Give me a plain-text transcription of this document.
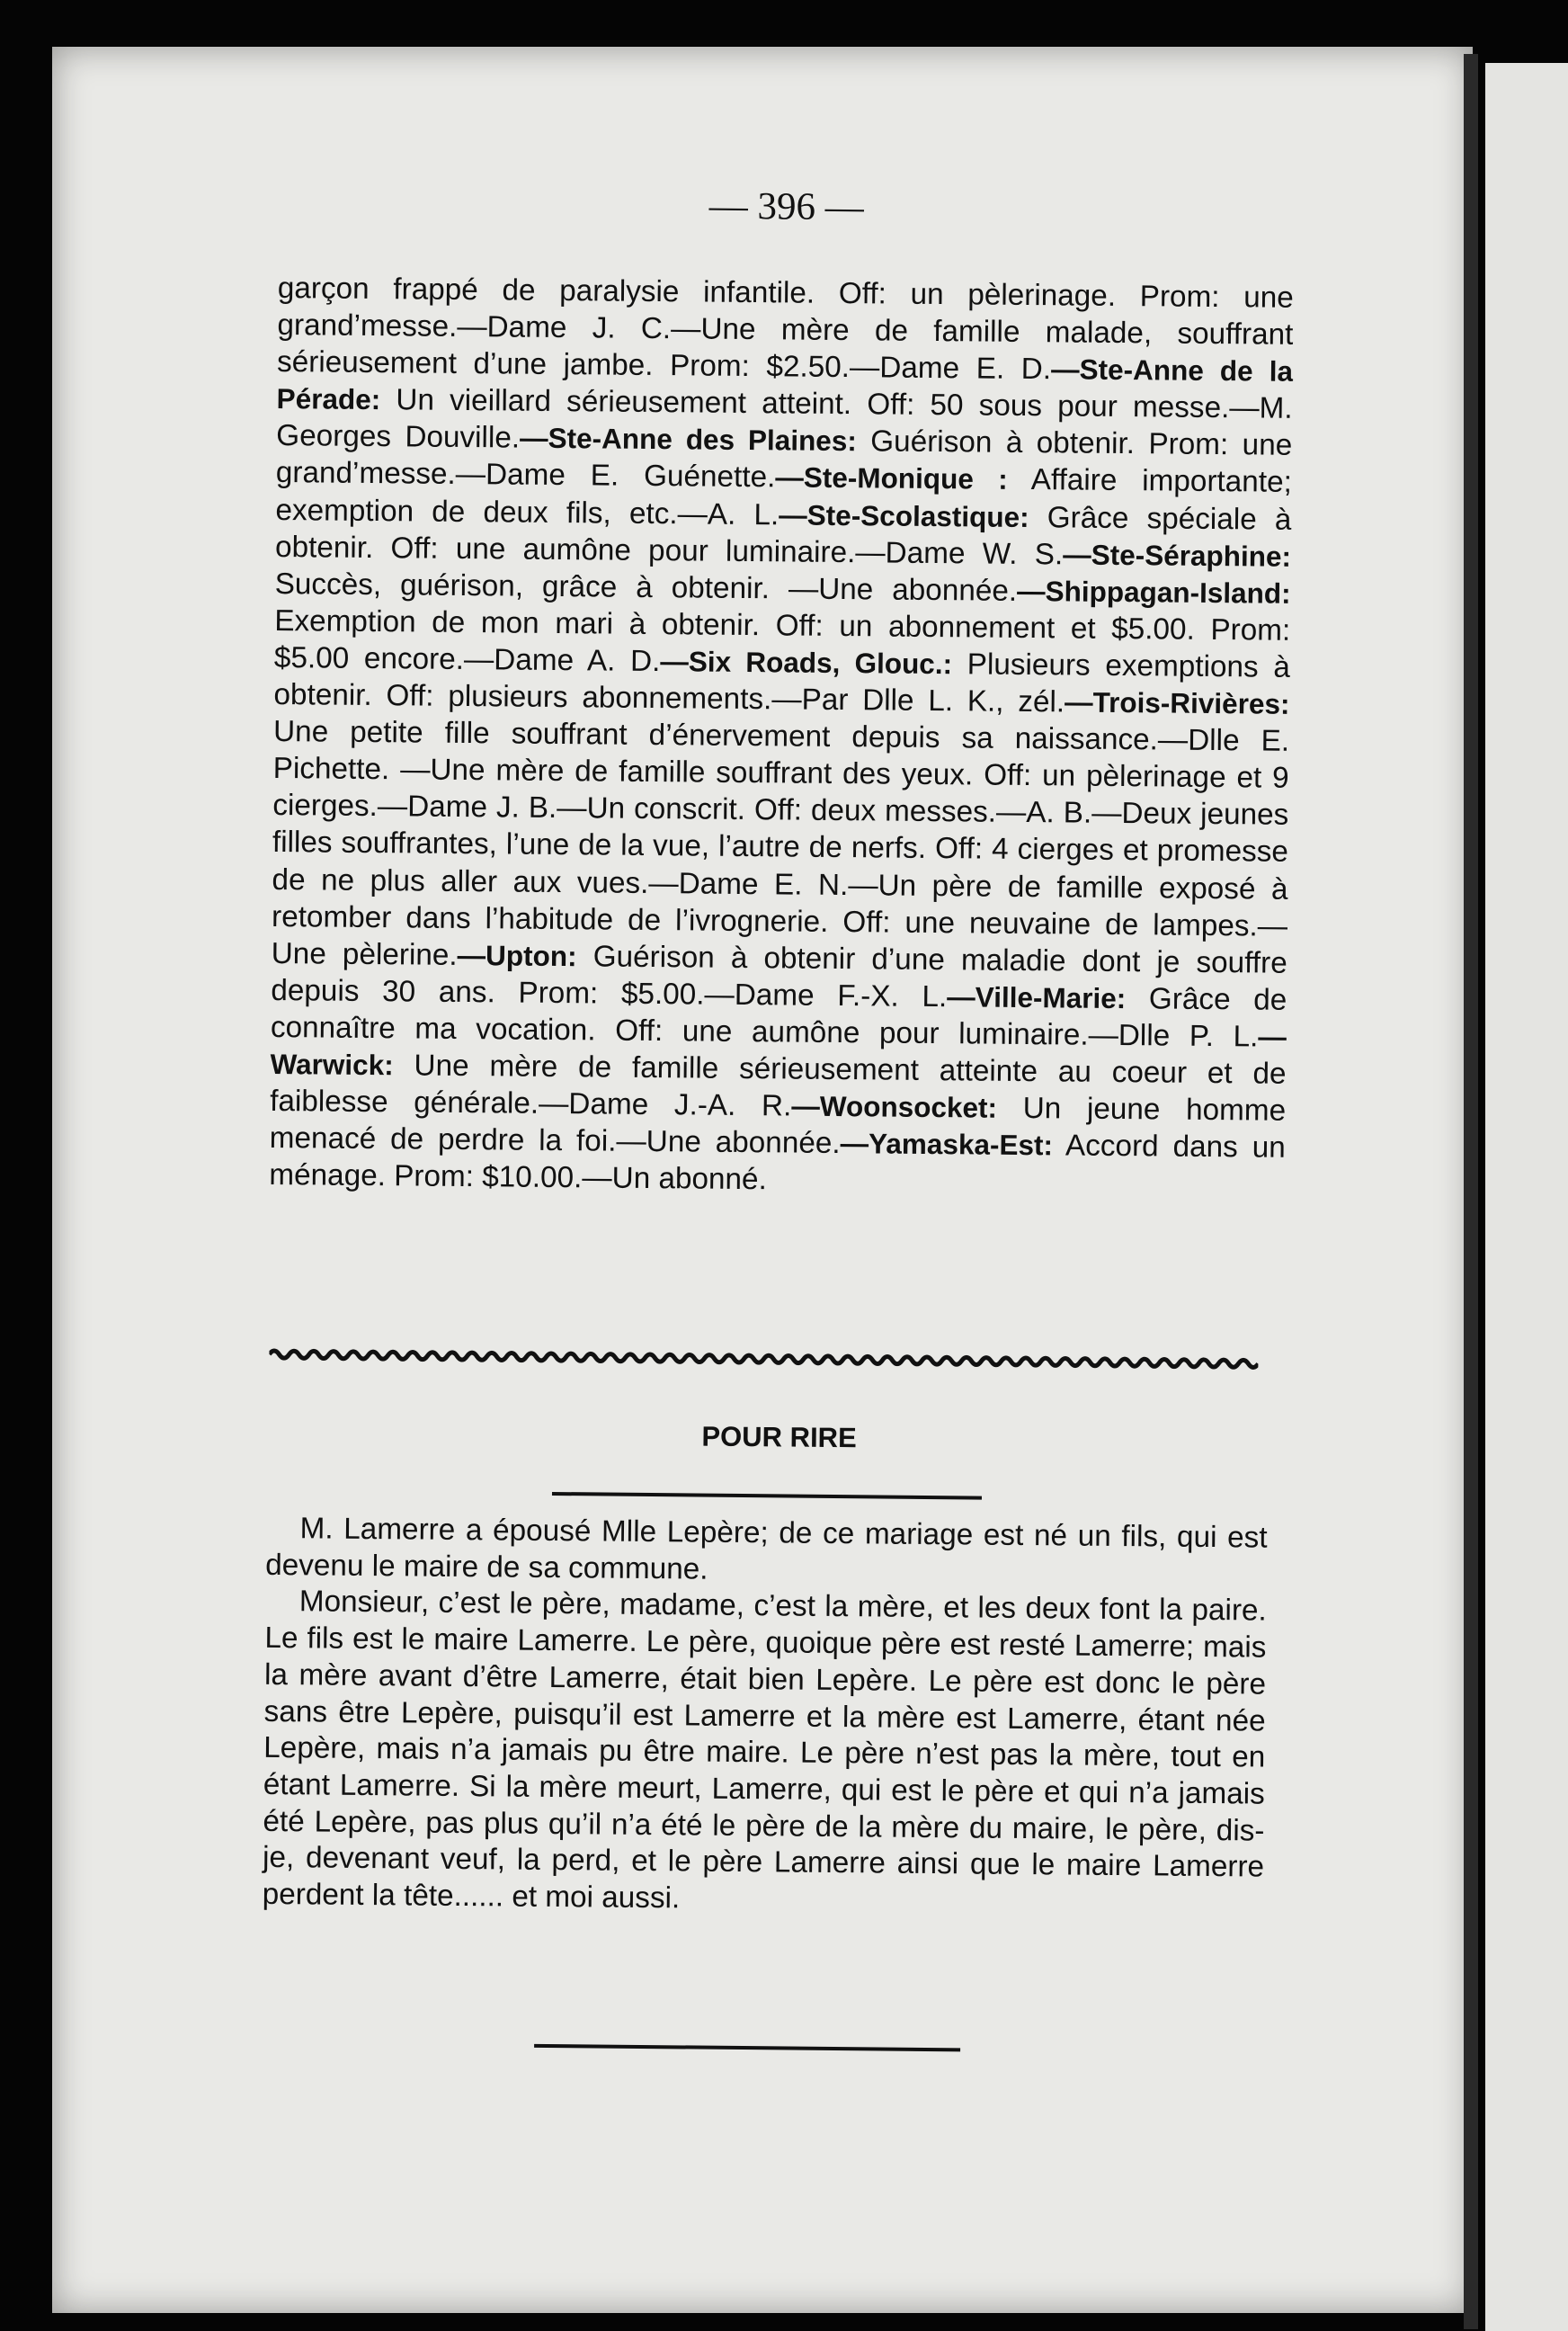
— 396 —
garçon frappé de paralysie infantile. Off: un pèlerinage. Prom: une grand’messe.—Dame J. C.—Une mère de famille malade, souffrant sérieusement d’une jambe. Prom: $2.50.—Dame E. D.—Ste-Anne de la Pérade: Un vieillard sérieusement atteint. Off: 50 sous pour messe.—M. Georges Douville.—Ste-Anne des Plaines: Guérison à obtenir. Prom: une grand’messe.—Dame E. Guénette.—Ste-Monique : Affaire importante; exemption de deux fils, etc.—A. L.—Ste-Scolastique: Grâce spéciale à obtenir. Off: une aumône pour luminaire.—Dame W. S.—Ste-Séraphine: Succès, guérison, grâce à obtenir. —Une abonnée.—Shippagan-Island: Exemption de mon mari à obtenir. Off: un abonnement et $5.00. Prom: $5.00 encore.—Dame A. D.—Six Roads, Glouc.: Plusieurs exemptions à obtenir. Off: plusieurs abonnements.—Par Dlle L. K., zél.—Trois-Rivières: Une petite fille souffrant d’énervement depuis sa naissance.—Dlle E. Pichette. —Une mère de famille souffrant des yeux. Off: un pèlerinage et 9 cierges.—Dame J. B.—Un conscrit. Off: deux messes.—A. B.—Deux jeunes filles souffrantes, l’une de la vue, l’autre de nerfs. Off: 4 cierges et promesse de ne plus aller aux vues.—Dame E. N.—Un père de famille exposé à retomber dans l’habitude de l’ivrognerie. Off: une neuvaine de lampes.—Une pèlerine.—Upton: Guérison à obtenir d’une maladie dont je souffre depuis 30 ans. Prom: $5.00.—Dame F.-X. L.—Ville-Marie: Grâce de connaître ma vocation. Off: une aumône pour luminaire.—Dlle P. L.—Warwick: Une mère de famille sérieusement atteinte au coeur et de faiblesse générale.—Dame J.-A. R.—Woonsocket: Un jeune homme menacé de perdre la foi.—Une abonnée.—Yamaska-Est: Accord dans un ménage. Prom: $10.00.—Un abonné.
POUR RIRE

M. Lamerre a épousé Mlle Lepère; de ce mariage est né un fils, qui est devenu le maire de sa commune.

Monsieur, c’est le père, madame, c’est la mère, et les deux font la paire. Le fils est le maire Lamerre. Le père, quoique père est resté Lamerre; mais la mère avant d’être Lamerre, était bien Lepère. Le père est donc le père sans être Lepère, puisqu’il est Lamerre et la mère est Lamerre, étant née Lepère, mais n’a jamais pu être maire. Le père n’est pas la mère, tout en étant Lamerre. Si la mère meurt, Lamerre, qui est le père et qui n’a jamais été Lepère, pas plus qu’il n’a été le père de la mère du maire, le père, dis-je, devenant veuf, la perd, et le père Lamerre ainsi que le maire Lamerre perdent la tête...... et moi aussi.
